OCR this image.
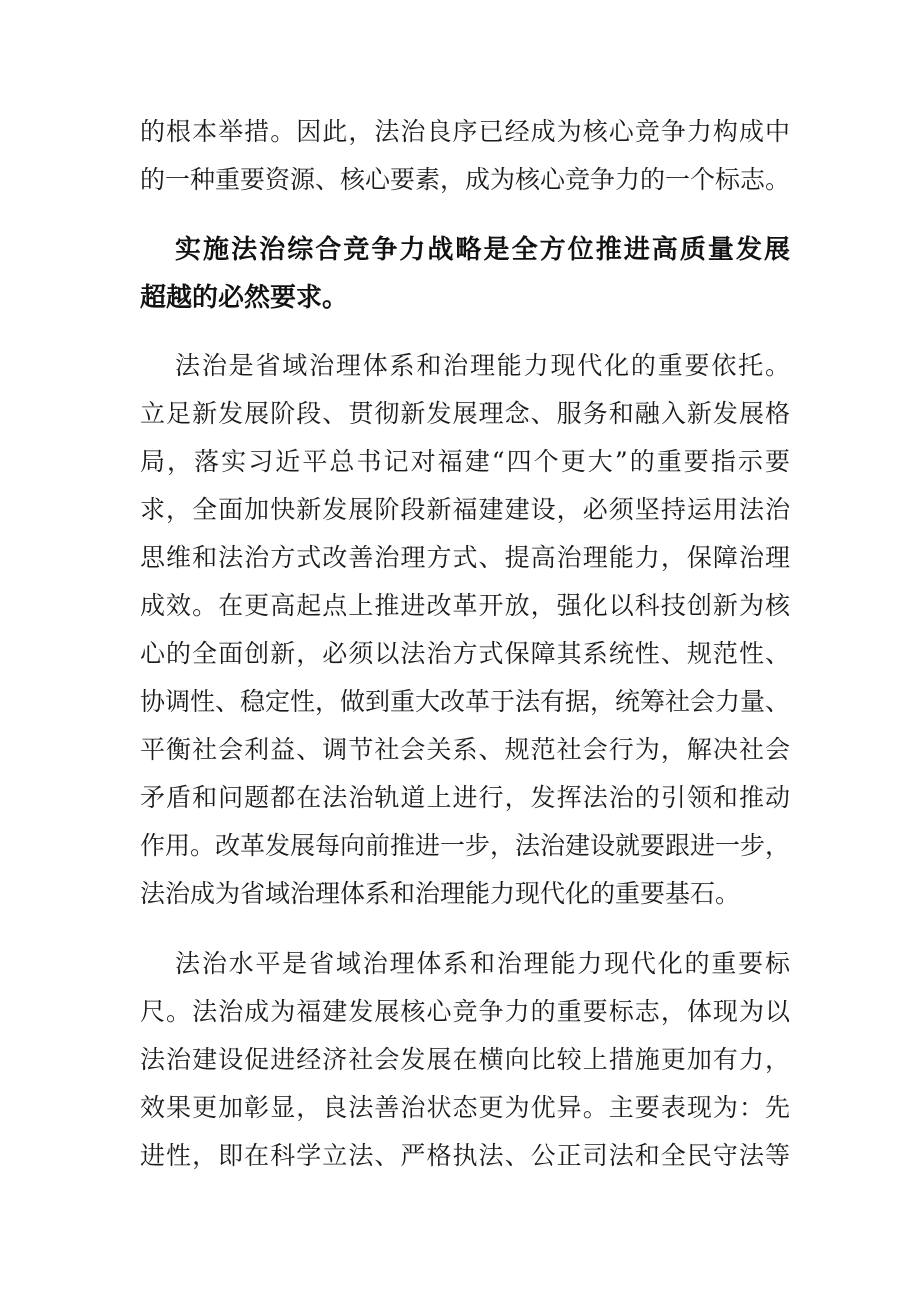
的根本举措。因此，法治良序已经成为核心竞争力构成中
的一种重要资源、核心要素，成为核心竞争力的一个标志。
实施法治综合竞争力战略是全方位推进高质量发展
超越的必然要求。
法治是省域治理体系和治理能力现代化的重要依托。
立足新发展阶段、贯彻新发展理念、服务和融入新发展格
局，落实习近平总书记对福建“四个更大”的重要指示要
求，全面加快新发展阶段新福建建设，必须坚持运用法治
思维和法治方式改善治理方式、提高治理能力，保障治理
成效。在更高起点上推进改革开放，强化以科技创新为核
心的全面创新，必须以法治方式保障其系统性、规范性、
协调性、稳定性，做到重大改革于法有据，统筹社会力量、
平衡社会利益、调节社会关系、规范社会行为，解决社会
矛盾和问题都在法治轨道上进行，发挥法治的引领和推动
作用。改革发展每向前推进一步，法治建设就要跟进一步，
法治成为省域治理体系和治理能力现代化的重要基石。
法治水平是省域治理体系和治理能力现代化的重要标
尺。法治成为福建发展核心竞争力的重要标志，体现为以
法治建设促进经济社会发展在横向比较上措施更加有力，
效果更加彰显，良法善治状态更为优异。主要表现为：先
进性，即在科学立法、严格执法、公正司法和全民守法等
